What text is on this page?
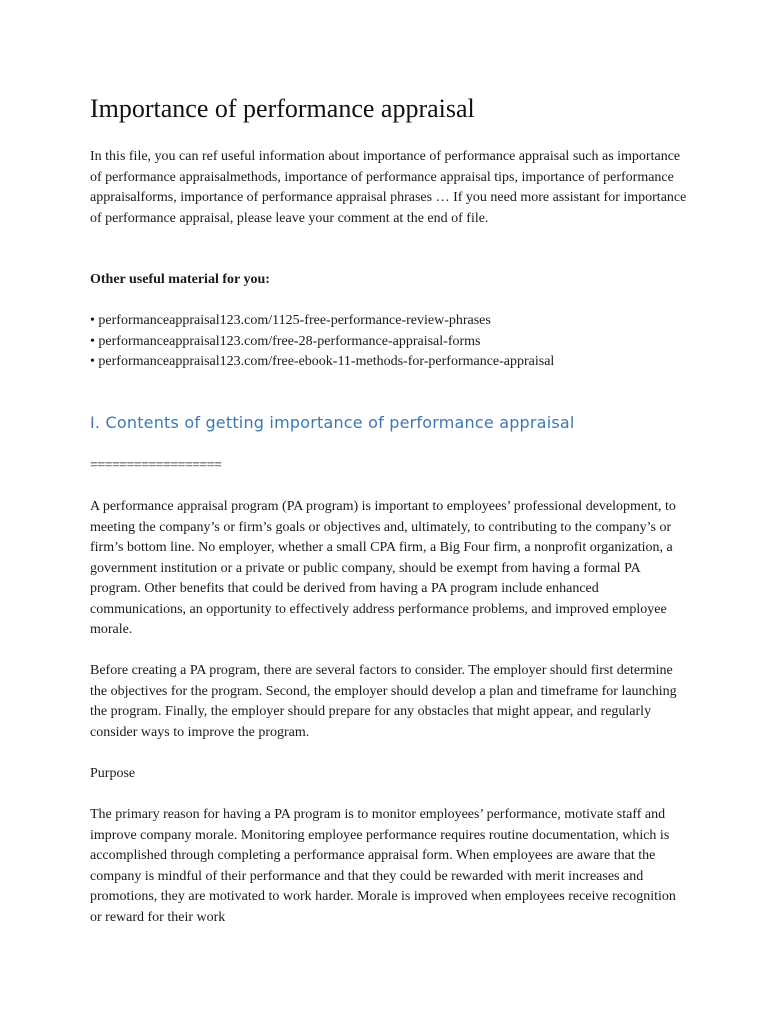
Importance of performance appraisal

In this file, you can ref useful information about importance of performance appraisal such as importance of performance appraisalmethods, importance of performance appraisal tips, importance of performance appraisalforms, importance of performance appraisal phrases … If you need more assistant for importance of performance appraisal, please leave your comment at the end of file.

Other useful material for you:

• performanceappraisal123.com/1125-free-performance-review-phrases
• performanceappraisal123.com/free-28-performance-appraisal-forms
• performanceappraisal123.com/free-ebook-11-methods-for-performance-appraisal
I. Contents of getting importance of performance appraisal

==================

A performance appraisal program (PA program) is important to employees’ professional development, to meeting the company’s or firm’s goals or objectives and, ultimately, to contributing to the company’s or firm’s bottom line. No employer, whether a small CPA firm, a Big Four firm, a nonprofit organization, a government institution or a private or public company, should be exempt from having a formal PA program. Other benefits that could be derived from having a PA program include enhanced communications, an opportunity to effectively address performance problems, and improved employee morale.

Before creating a PA program, there are several factors to consider. The employer should first determine the objectives for the program. Second, the employer should develop a plan and timeframe for launching the program. Finally, the employer should prepare for any obstacles that might appear, and regularly consider ways to improve the program.

Purpose

The primary reason for having a PA program is to monitor employees’ performance, motivate staff and improve company morale. Monitoring employee performance requires routine documentation, which is accomplished through completing a performance appraisal form. When employees are aware that the company is mindful of their performance and that they could be rewarded with merit increases and promotions, they are motivated to work harder. Morale is improved when employees receive recognition or reward for their work
